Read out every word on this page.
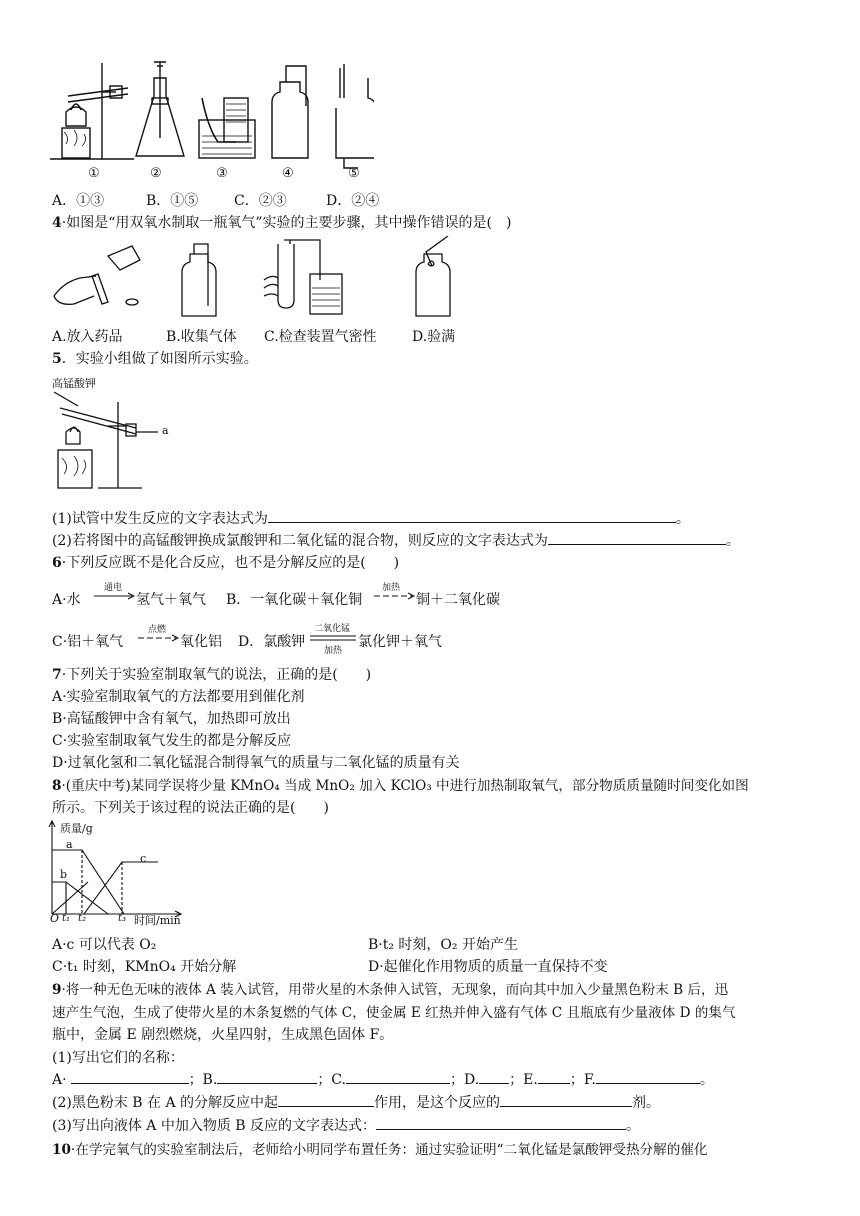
①	②	③	④	⑤
A．①③	B．①⑤	C．②③	D．②④
4·如图是“用双氧水制取一瓶氧气”实验的主要步骤，其中操作错误的是(　)
A.放入药品	B.收集气体 C.检查装置气密性	D.验满
5．实验小组做了如图所示实验。
高锰酸钾
a
(1)试管中发生反应的文字表达式为	。
(2)若将图中的高锰酸钾换成氯酸钾和二氧化锰的混合物，则反应的文字表达式为	。
6·下列反应既不是化合反应，也不是分解反应的是(　　)
A·水
通电
氢气＋氧气 B．一氧化碳＋氧化铜
加热
铜＋二氧化碳
C·铝＋氧气
点燃
氧化铝 D．氯酸钾
二氧化锰
加热
氯化钾＋氧气
7·下列关于实验室制取氧气的说法，正确的是(　　)
A·实验室制取氧气的方法都要用到催化剂
B·高锰酸钾中含有氧气，加热即可放出
C·实验室制取氧气发生的都是分解反应
D·过氧化氢和二氧化锰混合制得氧气的质量与二氧化锰的质量有关
8·(重庆中考)某同学误将少量 KMnO₄ 当成 MnO₂ 加入 KClO₃ 中进行加热制取氧气，部分物质质量随时间变化如图
所示。下列关于该过程的说法正确的是(　　)
质量/g
a
b
c
O t₁ t₂	t₃ 时间/min
A·c 可以代表 O₂	B·t₂ 时刻，O₂ 开始产生
C·t₁ 时刻，KMnO₄ 开始分解	D·起催化作用物质的质量一直保持不变
9·将一种无色无味的液体 A 装入试管，用带火星的木条伸入试管，无现象，而向其中加入少量黑色粉末 B 后，迅
速产生气泡，生成了使带火星的木条复燃的气体 C，使金属 E 红热并伸入盛有气体 C 且瓶底有少量液体 D 的集气
瓶中，金属 E 剧烈燃烧，火星四射，生成黑色固体 F。
(1)写出它们的名称：
A·	；B.	；C.	；D. ；E. ；F.	。
(2)黑色粉末 B 在 A 的分解反应中起	作用，是这个反应的	剂。
(3)写出向液体 A 中加入物质 B 反应的文字表达式：	。
10·在学完氧气的实验室制法后，老师给小明同学布置任务：通过实验证明“二氧化锰是氯酸钾受热分解的催化
